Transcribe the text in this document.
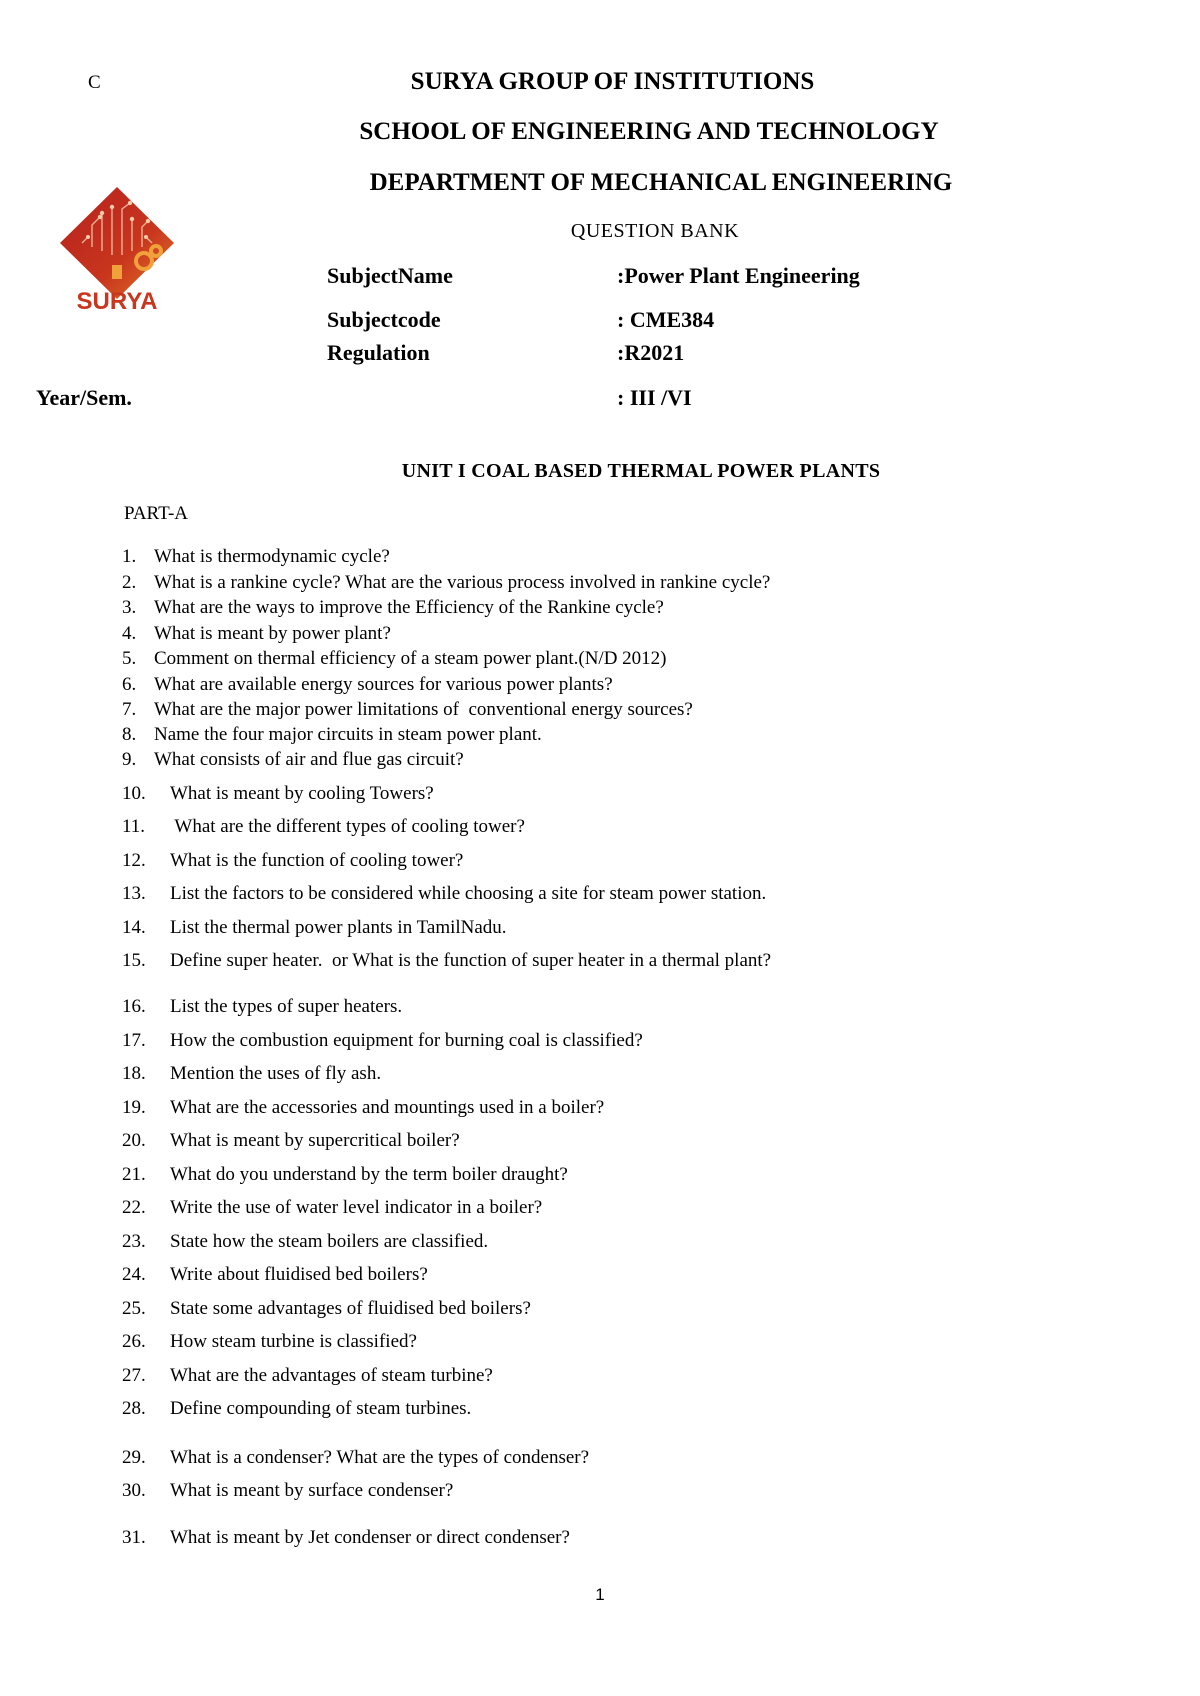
C	SURYA GROUP OF INSTITUTIONS
SCHOOL OF ENGINEERING AND TECHNOLOGY
DEPARTMENT OF MECHANICAL ENGINEERING
QUESTION BANK
SURYA
SubjectName	:Power Plant Engineering
Subjectcode	: CME384
Regulation	:R2021
Year/Sem.	: III /VI
UNIT I COAL BASED THERMAL POWER PLANTS
PART-A
1. What is thermodynamic cycle?
2. What is a rankine cycle? What are the various process involved in rankine cycle?
3. What are the ways to improve the Efficiency of the Rankine cycle?
4. What is meant by power plant?
5. Comment on thermal efficiency of a steam power plant.(N/D 2012)
6. What are available energy sources for various power plants?
7. What are the major power limitations of  conventional energy sources?
8. Name the four major circuits in steam power plant.
9. What consists of air and flue gas circuit?
10.	What is meant by cooling Towers?
11.	What are the different types of cooling tower?
12.	What is the function of cooling tower?
13.	List the factors to be considered while choosing a site for steam power station.
14.	List the thermal power plants in TamilNadu.
15.	Define super heater.  or What is the function of super heater in a thermal plant?
16.	List the types of super heaters.
17.	How the combustion equipment for burning coal is classified?
18.	Mention the uses of fly ash.
19.	What are the accessories and mountings used in a boiler?
20.	What is meant by supercritical boiler?
21.	What do you understand by the term boiler draught?
22.	Write the use of water level indicator in a boiler?
23.	State how the steam boilers are classified.
24.	Write about fluidised bed boilers?
25.	State some advantages of fluidised bed boilers?
26.	How steam turbine is classified?
27.	What are the advantages of steam turbine?
28.	Define compounding of steam turbines.
29.	What is a condenser? What are the types of condenser?
30.	What is meant by surface condenser?
31.	What is meant by Jet condenser or direct condenser?
1
